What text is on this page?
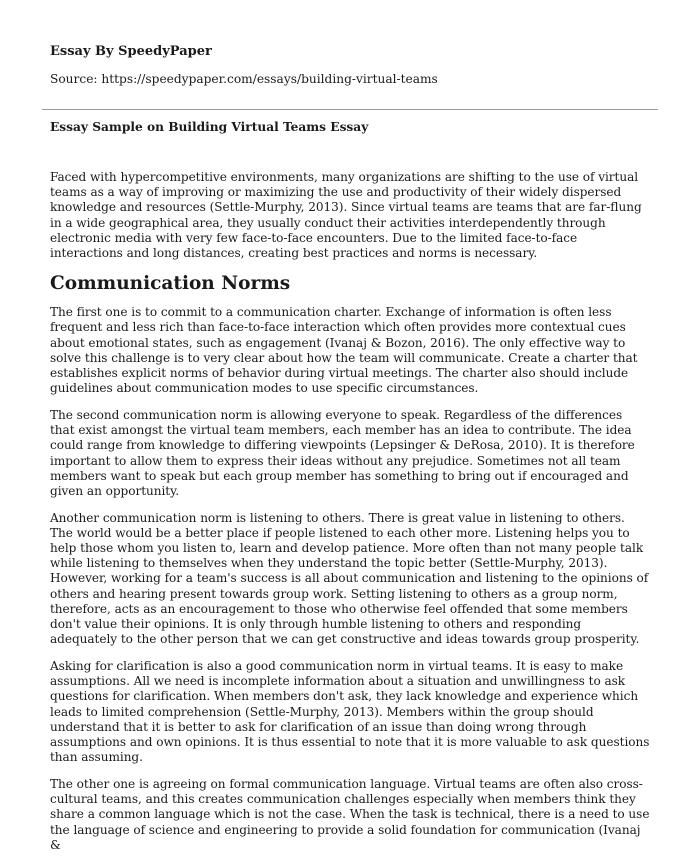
Essay By SpeedyPaper
Source: https://speedypaper.com/essays/building-virtual-teams
Essay Sample on Building Virtual Teams Essay

Faced with hypercompetitive environments, many organizations are shifting to the use of virtual teams as a way of improving or maximizing the use and productivity of their widely dispersed knowledge and resources (Settle-Murphy, 2013). Since virtual teams are teams that are far-flung in a wide geographical area, they usually conduct their activities interdependently through electronic media with very few face-to-face encounters. Due to the limited face-to-face interactions and long distances, creating best practices and norms is necessary.

Communication Norms

The first one is to commit to a communication charter. Exchange of information is often less frequent and less rich than face-to-face interaction which often provides more contextual cues about emotional states, such as engagement (Ivanaj & Bozon, 2016). The only effective way to solve this challenge is to very clear about how the team will communicate. Create a charter that establishes explicit norms of behavior during virtual meetings. The charter also should include guidelines about communication modes to use specific circumstances.

The second communication norm is allowing everyone to speak. Regardless of the differences that exist amongst the virtual team members, each member has an idea to contribute. The idea could range from knowledge to differing viewpoints (Lepsinger & DeRosa, 2010). It is therefore important to allow them to express their ideas without any prejudice. Sometimes not all team members want to speak but each group member has something to bring out if encouraged and given an opportunity.

Another communication norm is listening to others. There is great value in listening to others. The world would be a better place if people listened to each other more. Listening helps you to help those whom you listen to, learn and develop patience. More often than not many people talk while listening to themselves when they understand the topic better (Settle-Murphy, 2013). However, working for a team's success is all about communication and listening to the opinions of others and hearing present towards group work. Setting listening to others as a group norm, therefore, acts as an encouragement to those who otherwise feel offended that some members don't value their opinions. It is only through humble listening to others and responding adequately to the other person that we can get constructive and ideas towards group prosperity.

Asking for clarification is also a good communication norm in virtual teams. It is easy to make assumptions. All we need is incomplete information about a situation and unwillingness to ask questions for clarification. When members don't ask, they lack knowledge and experience which leads to limited comprehension (Settle-Murphy, 2013). Members within the group should understand that it is better to ask for clarification of an issue than doing wrong through assumptions and own opinions. It is thus essential to note that it is more valuable to ask questions than assuming.

The other one is agreeing on formal communication language. Virtual teams are often also cross-cultural teams, and this creates communication challenges especially when members think they share a common language which is not the case. When the task is technical, there is a need to use the language of science and engineering to provide a solid foundation for communication (Ivanaj &
